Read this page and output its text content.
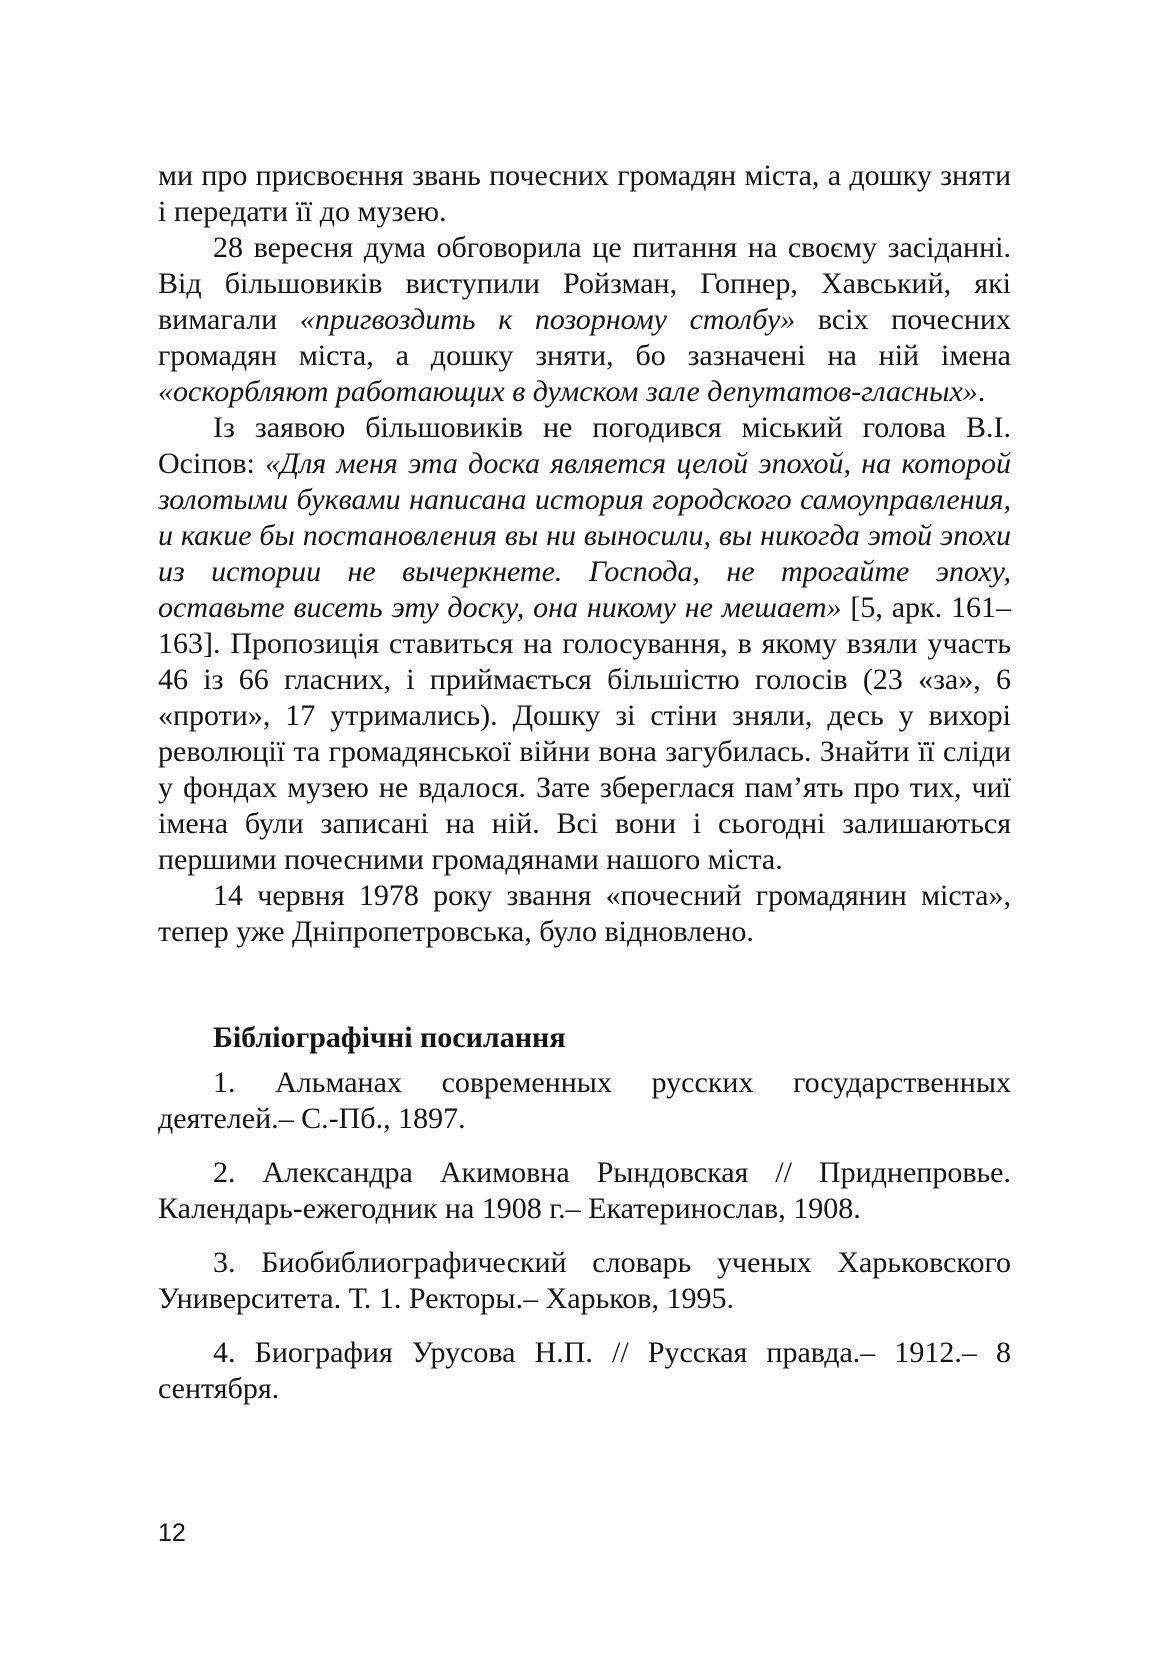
ми про присвоєння звань почесних громадян міста, а дошку зняти і передати її до музею.

28 вересня дума обговорила це питання на своєму засіданні. Від більшовиків виступили Ройзман, Гопнер, Хавський, які вимагали «пригвоздить к позорному столбу» всіх почесних громадян міста, а дошку зняти, бо зазначені на ній імена «оскорбляют работающих в думском зале депутатов-гласных».

Із заявою більшовиків не погодився міський голова В.І. Осіпов: «Для меня эта доска является целой эпохой, на которой золотыми буквами написана история городского самоуправления, и какие бы постановления вы ни выносили, вы никогда этой эпохи из истории не вычеркнете. Господа, не трогайте эпоху, оставьте висеть эту доску, она никому не мешает» [5, арк. 161–163]. Пропозиція ставиться на голосування, в якому взяли участь 46 із 66 гласних, і приймається більшістю голосів (23 «за», 6 «проти», 17 утримались). Дошку зі стіни зняли, десь у вихорі революції та громадянської війни вона загубилась. Знайти її сліди у фондах музею не вдалося. Зате збереглася пам’ять про тих, чиї імена були записані на ній. Всі вони і сьогодні залишаються першими почесними громадянами нашого міста.

14 червня 1978 року звання «почесний громадянин міста», тепер уже Дніпропетровська, було відновлено.

Бібліографічні посилання

1. Альманах современных русских государственных деятелей.– С.-Пб., 1897.

2. Александра Акимовна Рындовская // Приднепровье. Календарь-ежегодник на 1908 г.– Екатеринослав, 1908.

3. Биобиблиографический словарь ученых Харьковского Университета. Т. 1. Ректоры.– Харьков, 1995.

4. Биография Урусова Н.П. // Русская правда.– 1912.– 8 сентября.

12
